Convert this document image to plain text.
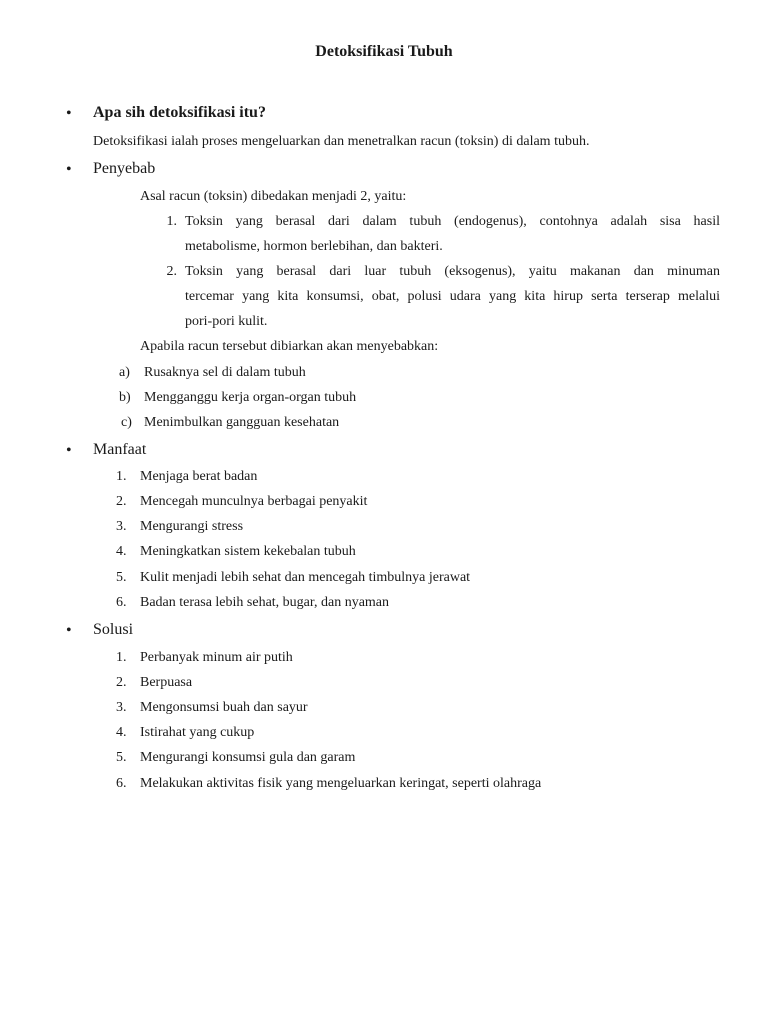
Detoksifikasi Tubuh
• Apa sih detoksifikasi itu?
Detoksifikasi ialah proses mengeluarkan dan menetralkan racun (toksin) di dalam tubuh.
• Penyebab
Asal racun (toksin) dibedakan menjadi 2, yaitu:
1. Toksin yang berasal dari dalam tubuh (endogenus), contohnya adalah sisa hasil
metabolisme, hormon berlebihan, dan bakteri.
2. Toksin yang berasal dari luar tubuh (eksogenus), yaitu makanan dan minuman
tercemar yang kita konsumsi, obat, polusi udara yang kita hirup serta terserap melalui
pori-pori kulit.
Apabila racun tersebut dibiarkan akan menyebabkan:
a) Rusaknya sel di dalam tubuh
b) Mengganggu kerja organ-organ tubuh
c) Menimbulkan gangguan kesehatan
• Manfaat
1. Menjaga berat badan
2. Mencegah munculnya berbagai penyakit
3. Mengurangi stress
4. Meningkatkan sistem kekebalan tubuh
5. Kulit menjadi lebih sehat dan mencegah timbulnya jerawat
6. Badan terasa lebih sehat, bugar, dan nyaman
• Solusi
1. Perbanyak minum air putih
2. Berpuasa
3. Mengonsumsi buah dan sayur
4. Istirahat yang cukup
5. Mengurangi konsumsi gula dan garam
6. Melakukan aktivitas fisik yang mengeluarkan keringat, seperti olahraga
